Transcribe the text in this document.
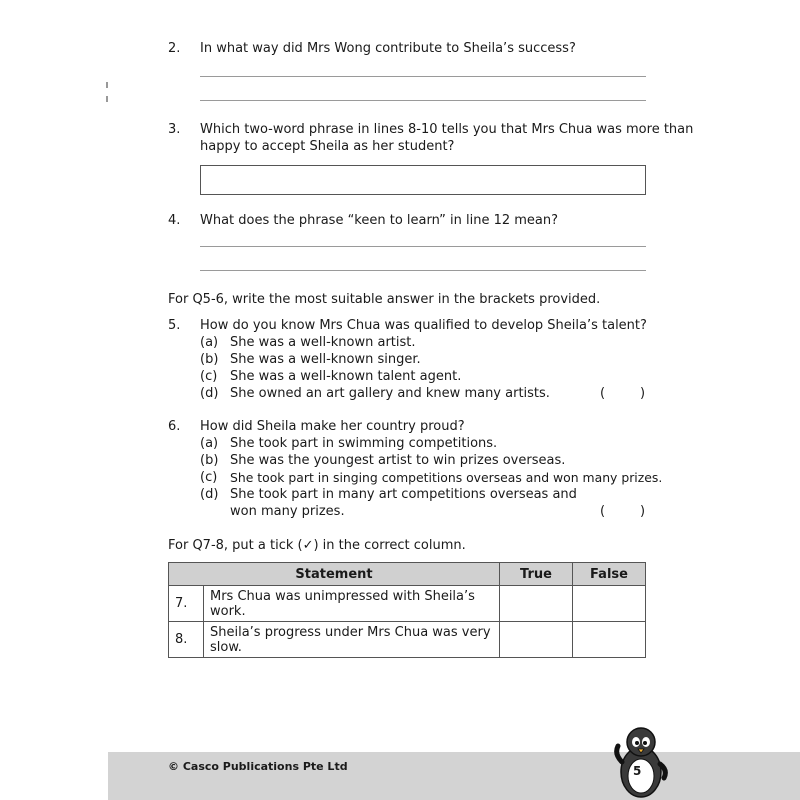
2. In what way did Mrs Wong contribute to Sheila’s success?
3. Which two-word phrase in lines 8-10 tells you that Mrs Chua was more than
happy to accept Sheila as her student?
4. What does the phrase “keen to learn” in line 12 mean?
For Q5-6, write the most suitable answer in the brackets provided.
5. How do you know Mrs Chua was qualified to develop Sheila’s talent?
(a) She was a well-known artist.
(b) She was a well-known singer.
(c) She was a well-known talent agent.
(d) She owned an art gallery and knew many artists.	(	)
6. How did Sheila make her country proud?
(a) She took part in swimming competitions.
(b) She was the youngest artist to win prizes overseas.
(c) She took part in singing competitions overseas and won many prizes.
(d) She took part in many art competitions overseas and
won many prizes.	(	)
For Q7-8, put a tick (✓) in the correct column.
Statement		True	False
7.	Mrs Chua was unimpressed with Sheila’s work.		
8.	Sheila’s progress under Mrs Chua was very slow.		
© Casco Publications Pte Ltd	5
